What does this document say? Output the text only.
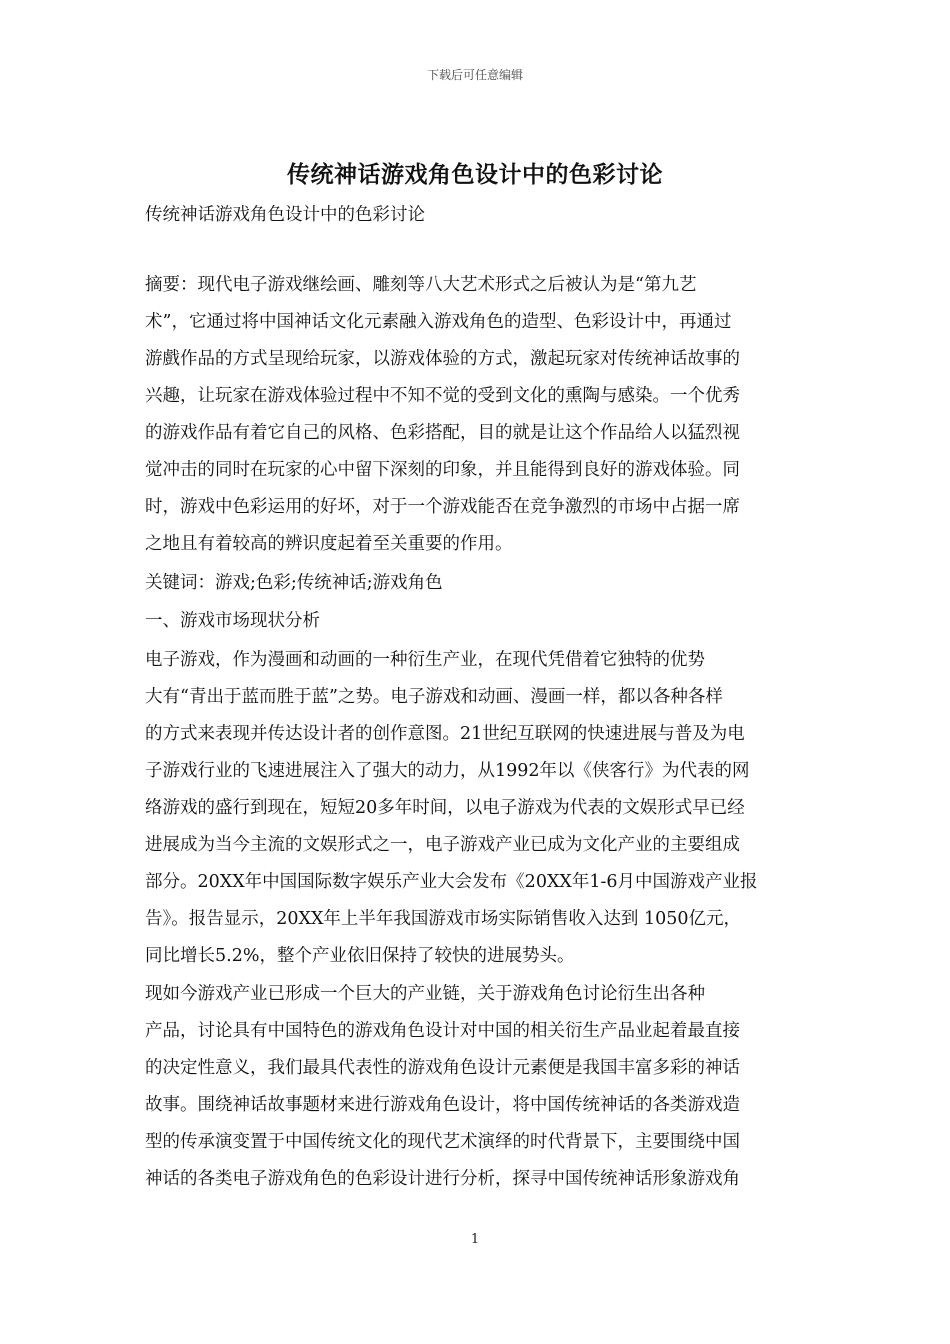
下载后可任意编辑
传统神话游戏角色设计中的色彩讨论
传统神话游戏角色设计中的色彩讨论
摘要：现代电子游戏继绘画、雕刻等八大艺术形式之后被认为是“第九艺
术”，它通过将中国神话文化元素融入游戏角色的造型、色彩设计中，再通过
游戲作品的方式呈现给玩家，以游戏体验的方式，激起玩家对传统神话故事的
兴趣，让玩家在游戏体验过程中不知不觉的受到文化的熏陶与感染。一个优秀
的游戏作品有着它自己的风格、色彩搭配，目的就是让这个作品给人以猛烈视
觉冲击的同时在玩家的心中留下深刻的印象，并且能得到良好的游戏体验。同
时，游戏中色彩运用的好坏，对于一个游戏能否在竞争激烈的市场中占据一席
之地且有着较高的辨识度起着至关重要的作用。
关键词：游戏;色彩;传统神话;游戏角色
一、游戏市场现状分析
电子游戏，作为漫画和动画的一种衍生产业，在现代凭借着它独特的优势
大有“青出于蓝而胜于蓝”之势。电子游戏和动画、漫画一样，都以各种各样
的方式来表现并传达设计者的创作意图。21世纪互联网的快速进展与普及为电
子游戏行业的飞速进展注入了强大的动力，从1992年以《侠客行》为代表的网
络游戏的盛行到现在，短短20多年时间，以电子游戏为代表的文娱形式早已经
进展成为当今主流的文娱形式之一，电子游戏产业已成为文化产业的主要组成
部分。20XX年中国国际数字娱乐产业大会发布《20XX年1-6月中国游戏产业报
告》。报告显示，20XX年上半年我国游戏市场实际销售收入达到 1050亿元，
同比增长5.2%，整个产业依旧保持了较快的进展势头。
现如今游戏产业已形成一个巨大的产业链，关于游戏角色讨论衍生出各种
产品，讨论具有中国特色的游戏角色设计对中国的相关衍生产品业起着最直接
的决定性意义，我们最具代表性的游戏角色设计元素便是我国丰富多彩的神话
故事。围绕神话故事题材来进行游戏角色设计，将中国传统神话的各类游戏造
型的传承演变置于中国传统文化的现代艺术演绎的时代背景下，主要围绕中国
神话的各类电子游戏角色的色彩设计进行分析，探寻中国传统神话形象游戏角
1
